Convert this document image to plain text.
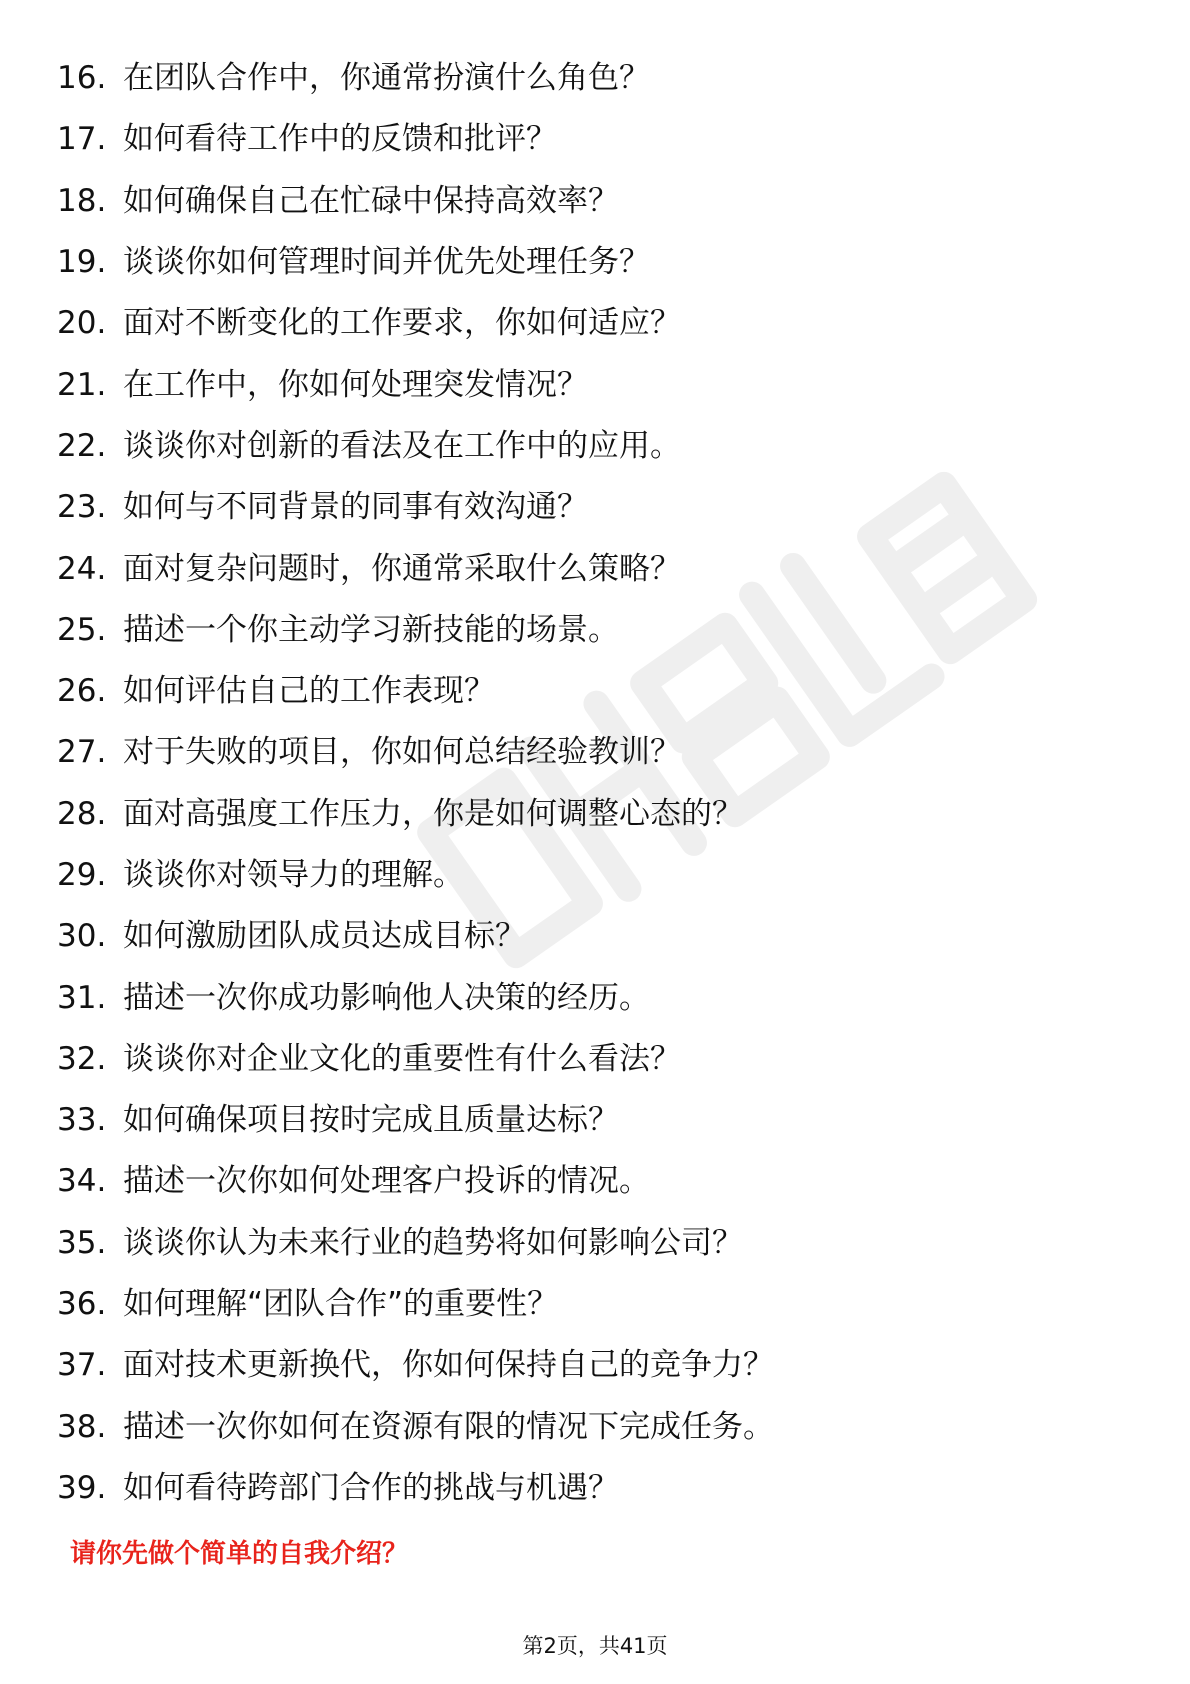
16. 在团队合作中，你通常扮演什么角色？
17. 如何看待工作中的反馈和批评？
18. 如何确保自己在忙碌中保持高效率？
19. 谈谈你如何管理时间并优先处理任务？
20. 面对不断变化的工作要求，你如何适应？
21. 在工作中，你如何处理突发情况？
22. 谈谈你对创新的看法及在工作中的应用。
23. 如何与不同背景的同事有效沟通？
24. 面对复杂问题时，你通常采取什么策略？
25. 描述一个你主动学习新技能的场景。
26. 如何评估自己的工作表现？
27. 对于失败的项目，你如何总结经验教训？
28. 面对高强度工作压力，你是如何调整心态的？
29. 谈谈你对领导力的理解。
30. 如何激励团队成员达成目标？
31. 描述一次你成功影响他人决策的经历。
32. 谈谈你对企业文化的重要性有什么看法？
33. 如何确保项目按时完成且质量达标？
34. 描述一次你如何处理客户投诉的情况。
35. 谈谈你认为未来行业的趋势将如何影响公司？
36. 如何理解“团队合作”的重要性？
37. 面对技术更新换代，你如何保持自己的竞争力？
38. 描述一次你如何在资源有限的情况下完成任务。
39. 如何看待跨部门合作的挑战与机遇？
请你先做个简单的自我介绍？
第2页，共41页
